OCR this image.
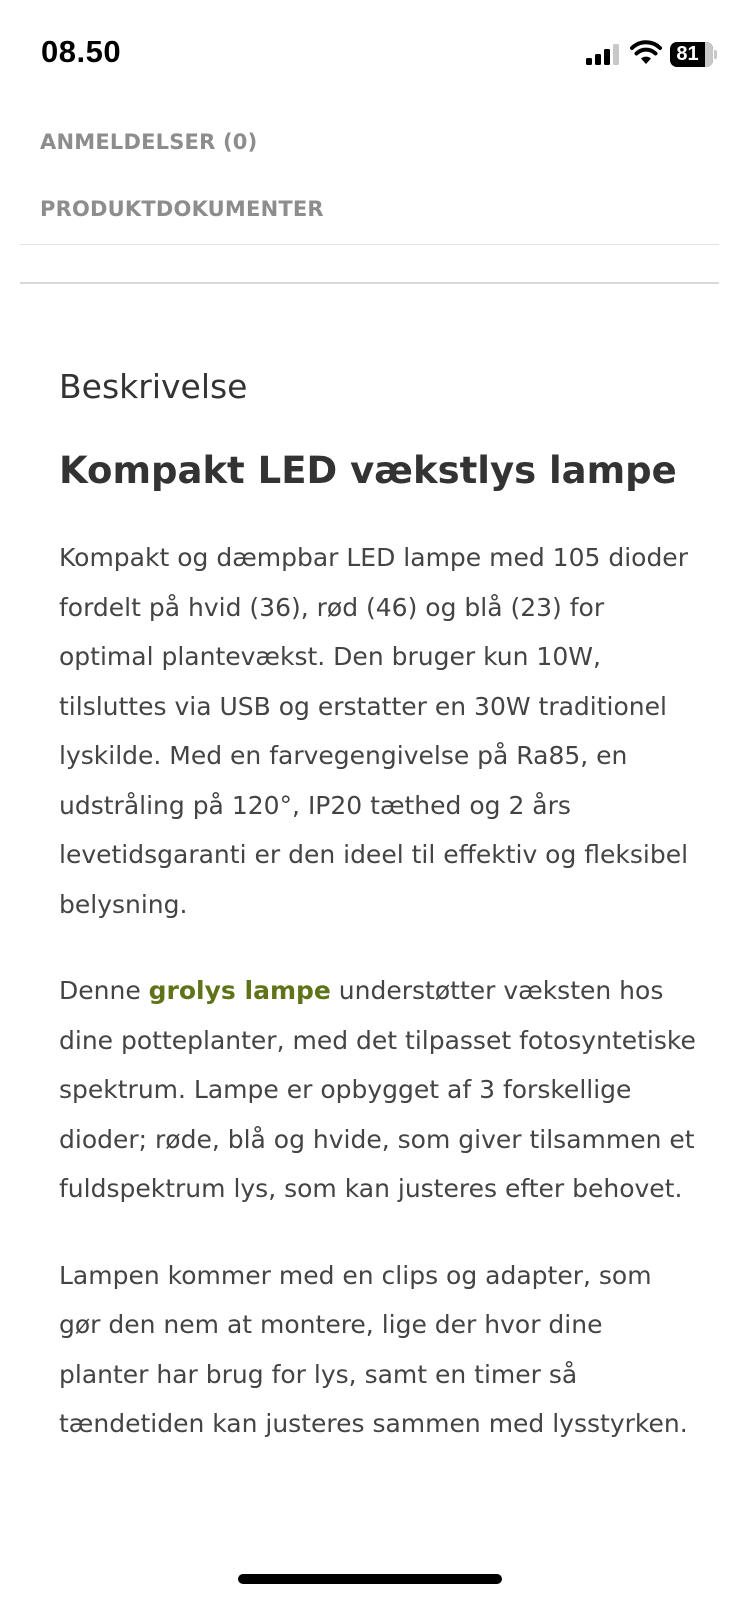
08.50	81
ANMELDELSER (0)
PRODUKTDOKUMENTER
Beskrivelse
Kompakt LED vækstlys lampe

Kompakt og dæmpbar LED lampe med 105 dioder fordelt på hvid (36), rød (46) og blå (23) for optimal plantevækst. Den bruger kun 10W, tilsluttes via USB og erstatter en 30W traditionel lyskilde. Med en farvegengivelse på Ra85, en udstråling på 120°, IP20 tæthed og 2 års levetidsgaranti er den ideel til effektiv og fleksibel belysning.

Denne grolys lampe understøtter væksten hos dine potteplanter, med det tilpasset fotosyntetiske spektrum. Lampe er opbygget af 3 forskellige dioder; røde, blå og hvide, som giver tilsammen et fuldspektrum lys, som kan justeres efter behovet.

Lampen kommer med en clips og adapter, som gør den nem at montere, lige der hvor dine planter har brug for lys, samt en timer så tændetiden kan justeres sammen med lysstyrken.
